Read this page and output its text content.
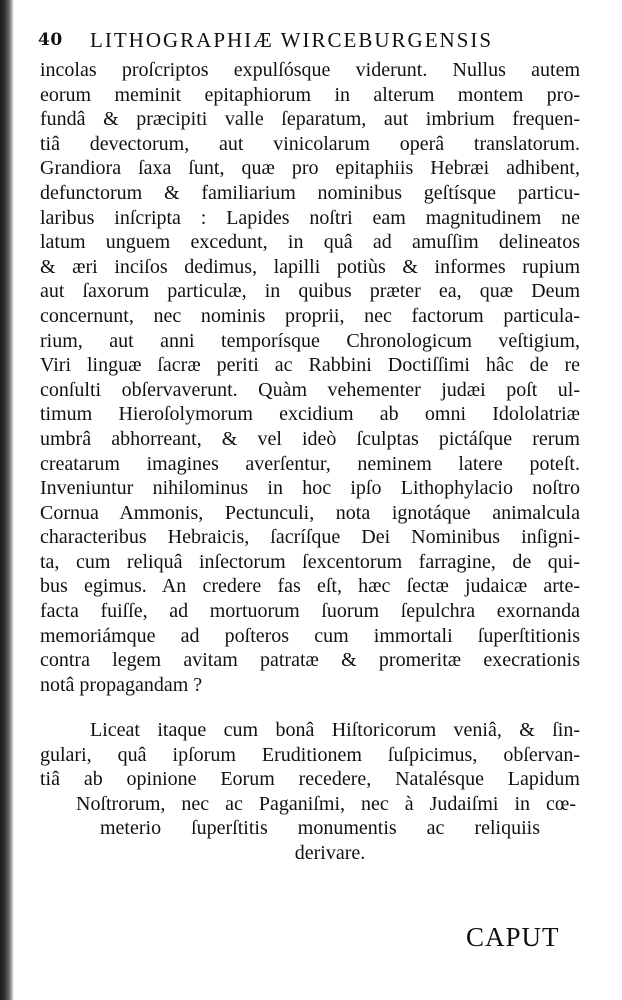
40 LITHOGRAPHIÆ WIRCEBURGENSIS
incolas proſcriptos expulſósque viderunt. Nullus autem
eorum meminit epitaphiorum in alterum montem pro-
fundâ & præcipiti valle ſeparatum, aut imbrium frequen-
tiâ devectorum, aut vinicolarum operâ translatorum.
Grandiora ſaxa ſunt, quæ pro epitaphiis Hebræi adhibent,
defunctorum & familiarium nominibus geſtísque particu-
laribus inſcripta : Lapides noſtri eam magnitudinem ne
latum unguem excedunt, in quâ ad amuſſim delineatos
& æri inciſos dedimus, lapilli potiùs & informes rupium
aut ſaxorum particulæ, in quibus præter ea, quæ Deum
concernunt, nec nominis proprii, nec factorum particula-
rium, aut anni temporísque Chronologicum veſtigium,
Viri linguæ ſacræ periti ac Rabbini Doctiſſimi hâc de re
conſulti obſervaverunt. Quàm vehementer judæi poſt ul-
timum Hieroſolymorum excidium ab omni Idololatriæ
umbrâ abhorreant, & vel ideò ſculptas pictáſque rerum
creatarum imagines averſentur, neminem latere poteſt.
Inveniuntur nihilominus in hoc ipſo Lithophylacio noſtro
Cornua Ammonis, Pectunculi, nota ignotáque animalcula
characteribus Hebraicis, ſacríſque Dei Nominibus inſigni-
ta, cum reliquâ inſectorum ſexcentorum farragine, de qui-
bus egimus. An credere fas eſt, hæc ſectæ judaicæ arte-
facta fuiſſe, ad mortuorum ſuorum ſepulchra exornanda
memoriámque ad poſteros cum immortali ſuperſtitionis
contra legem avitam patratæ & promeritæ execrationis
notâ propagandam ?
Liceat itaque cum bonâ Hiſtoricorum veniâ, & ſin-
gulari, quâ ipſorum Eruditionem ſuſpicimus, obſervan-
tiâ ab opinione Eorum recedere, Natalésque Lapidum
Noſtrorum, nec ac Paganiſmi, nec à Judaiſmi in cœ-
meterio ſuperſtitis monumentis ac reliquiis
derivare.
CAPUT
